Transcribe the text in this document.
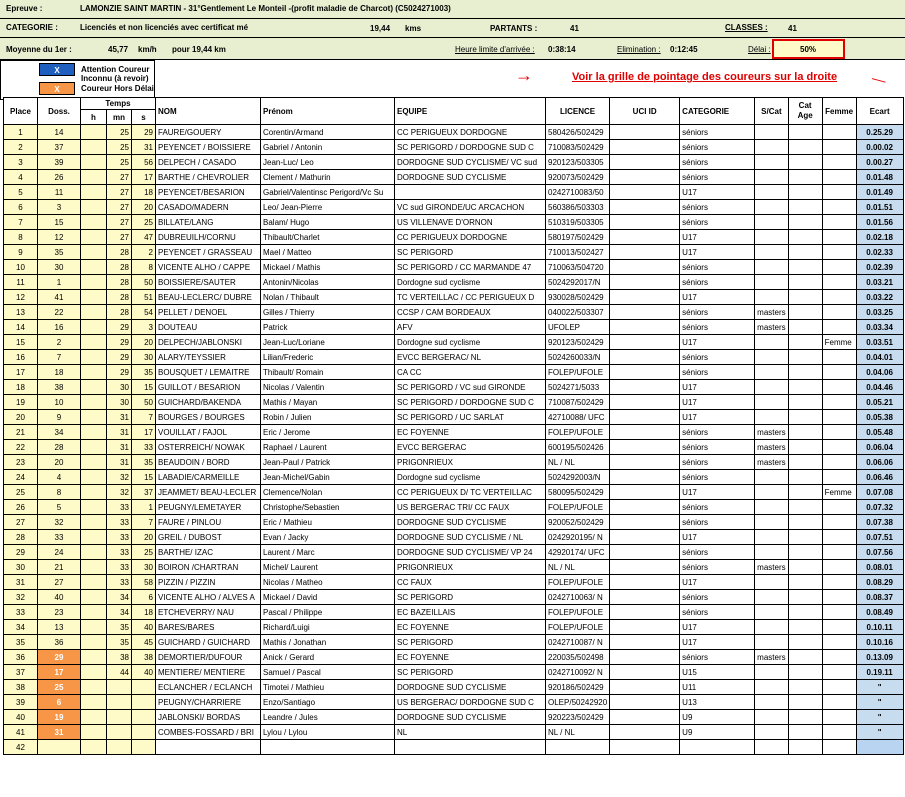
Epreuve :	LAMONZIE SAINT MARTIN - 31°Gentlement Le Monteil -(profit maladie de Charcot) (C5024271003)
CATEGORIE :	Licenciés et non licenciés avec certificat mé	19,44 kms	PARTANTS :	41	CLASSES :	41
Moyenne du 1er :	45,77 km/h pour 19,44 km	Heure limite d'arrivée : 0:38:14	Elimination : 0:12:45	Délai :	50%
X	Attention Coureur Inconnu (à revoir)
X	Coureur Hors Délai
→	Voir la grille de pointage des coureurs sur la droite —
Place	Doss.	Temps			NOM	Prénom	EQUIPE	LICENCE	UCI ID	CATEGORIE	S/Cat	Cat Age	Femme	Ecart
		h	mn	s										
1	14		25	29	FAURE/GOUERY	Corentin/Armand	CC PERIGUEUX DORDOGNE	580426/502429		séniors				0.25.29
2	37		25	31	PEYENCET / BOISSIERE	Gabriel / Antonin	SC PERIGORD / DORDOGNE SUD C	710083/502429		séniors				0.00.02
3	39		25	56	DELPECH / CASADO	Jean-Luc/ Leo	DORDOGNE SUD CYCLISME/ VC sud	920123/503305		séniors				0.00.27
4	26		27	17	BARTHE / CHEVROLIER	Clement / Mathurin	DORDOGNE SUD CYCLISME	920073/502429		séniors				0.01.48
5	11		27	18	PEYENCET/BESARION	Gabriel/Valentinsc Perigord/Vc Su		0242710083/50		U17				0.01.49
6	3		27	20	CASADO/MADERN	Leo/ Jean-Pierre	VC sud GIRONDE/UC ARCACHON	560386/503303		séniors				0.01.51
7	15		27	25	BILLATE/LANG	Balam/ Hugo	US VILLENAVE D'ORNON	510319/503305		séniors				0.01.56
8	12		27	47	DUBREUILH/CORNU	Thibault/Charlet	CC PERIGUEUX DORDOGNE	580197/502429		U17				0.02.18
9	35		28	2	PEYENCET / GRASSEAU	Mael / Matteo	SC PERIGORD	710013/502427		U17				0.02.33
10	30		28	8	VICENTE ALHO / CAPPE	Mickael / Mathis	SC PERIGORD / CC MARMANDE 47	710063/504720		séniors				0.02.39
11	1		28	50	BOISSIERE/SAUTER	Antonin/Nicolas	Dordogne sud cyclisme	5024292017/N		séniors				0.03.21
12	41		28	51	BEAU-LECLERC/ DUBRE	Nolan / Thibault	TC VERTEILLAC / CC PERIGUEUX D	930028/502429		U17				0.03.22
13	22		28	54	PELLET / DENOEL	Gilles / Thierry	CCSP / CAM BORDEAUX	040022/503307		séniors	masters			0.03.25
14	16		29	3	DOUTEAU	Patrick	AFV	UFOLEP		séniors	masters			0.03.34
15	2		29	20	DELPECH/JABLONSKI	Jean-Luc/Loriane	Dordogne sud cyclisme	920123/502429		U17			Femme	0.03.51
16	7		29	30	ALARY/TEYSSIER	Lilian/Frederic	EVCC BERGERAC/ NL	5024260033/N		séniors				0.04.01
17	18		29	35	BOUSQUET / LEMAITRE	Thibault/ Romain	CA CC	FOLEP/UFOLE		séniors				0.04.06
18	38		30	15	GUILLOT / BESARION	Nicolas / Valentin	SC PERIGORD / VC sud GIRONDE	5024271/5033		U17				0.04.46
19	10		30	50	GUICHARD/BAKENDA	Mathis / Mayan	SC PERIGORD / DORDOGNE SUD C	710087/502429		U17				0.05.21
20	9		31	7	BOURGES / BOURGES	Robin / Julien	SC PERIGORD / UC SARLAT	42710088/ UFC		U17				0.05.38
21	34		31	17	VOUILLAT / FAJOL	Eric / Jerome	EC FOYENNE	FOLEP/UFOLE		séniors	masters			0.05.48
22	28		31	33	OSTERREICH/ NOWAK	Raphael / Laurent	EVCC BERGERAC	600195/502426		séniors	masters			0.06.04
23	20		31	35	BEAUDOIN / BORD	Jean-Paul / Patrick	PRIGONRIEUX	NL / NL		séniors	masters			0.06.06
24	4		32	15	LABADIE/CARMEILLE	Jean-Michel/Gabin	Dordogne sud cyclisme	5024292003/N		séniors				0.06.46
25	8		32	37	JEAMMET/ BEAU-LECLER	Clemence/Nolan	CC PERIGUEUX D/ TC VERTEILLAC	580095/502429		U17			Femme	0.07.08
26	5		33	1	PEUGNY/LEMETAYER	Christophe/Sebastien	US BERGERAC TRI/ CC FAUX	FOLEP/UFOLE		séniors				0.07.32
27	32		33	7	FAURE / PINLOU	Eric / Mathieu	DORDOGNE SUD CYCLISME	920052/502429		séniors				0.07.38
28	33		33	20	GREIL / DUBOST	Evan / Jacky	DORDOGNE SUD CYCLISME / NL	0242920195/ N		U17				0.07.51
29	24		33	25	BARTHE/ IZAC	Laurent / Marc	DORDOGNE SUD CYCLISME/ VP 24	42920174/ UFC		séniors				0.07.56
30	21		33	30	BOIRON /CHARTRAN	Michel/ Laurent	PRIGONRIEUX	NL / NL		séniors	masters			0.08.01
31	27		33	58	PIZZIN / PIZZIN	Nicolas / Matheo	CC FAUX	FOLEP/UFOLE		U17				0.08.29
32	40		34	6	VICENTE ALHO / ALVES A	Mickael / David	SC PERIGORD	0242710063/ N		séniors				0.08.37
33	23		34	18	ETCHEVERRY/ NAU	Pascal / Philippe	EC BAZEILLAIS	FOLEP/UFOLE		séniors				0.08.49
34	13		35	40	BARES/BARES	Richard/Luigi	EC FOYENNE	FOLEP/UFOLE		U17				0.10.11
35	36		35	45	GUICHARD / GUICHARD	Mathis / Jonathan	SC PERIGORD	0242710087/ N		U17				0.10.16
36	29		38	38	DEMORTIER/DUFOUR	Anick / Gerard	EC FOYENNE	220035/502498		séniors	masters			0.13.09
37	17		44	40	MENTIERE/ MENTIERE	Samuel / Pascal	SC PERIGORD	0242710092/ N		U15				0.19.11
38	25				ECLANCHER / ECLANCH	Timotei / Mathieu	DORDOGNE SUD CYCLISME	920186/502429		U11				"
39	6				PEUGNY/CHARRIERE	Enzo/Santiago	US BERGERAC/ DORDOGNE SUD C	OLEP/50242920		U13				"
40	19				JABLONSKI/ BORDAS	Leandre / Jules	DORDOGNE SUD CYCLISME	920223/502429		U9				"
41	31				COMBES-FOSSARD / BRI	Lylou / Lylou	NL	NL / NL		U9				"
42														
